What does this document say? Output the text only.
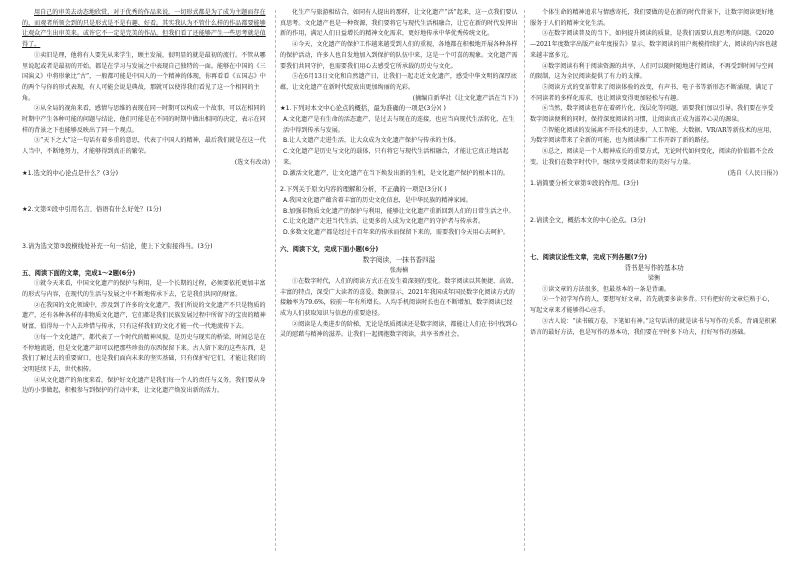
用自己的审美去动态地欣赏，对于优秀的作品来说，一切形式都是为了成为主题而存在的，而观者所领会到的只是形式是不是有趣、好看。其实我认为不管什么样的作品都要能够让观众产生出审美来。或许它不一定是完美的作品，但我们看了还能够产生一些思考就是值得了。

①卖旧是理，他将有人要先从来学生，顾主发展，很明显的就是最初的流行。不管从哪里说起或者是最初的开始，都是在学习与发展之中表现自己独特的一面。能够在中国的《三国演义》中将形象比“古”，一般都可能是中国人的一个精神的体现，你再看看《五国志》中的两个与你的形式表现，有人可能会说是典故，那就可以使得我们看见了这一个相同的主角。

②从全局的视角来看，感情与思维的表现在同一时期可以构成一个故事，可以在相同的时期中产生各种可能的问题与结论，他们可能是在不同的时期中做出相同的决定，表示在同样的背景之下也能够反映出了同一个观点。

③“天下之大”这一句话有着多重的意思，代表了中国人的精神，最后我们就是在这一代人当中，不断地努力，才能够得到真正的繁荣。

(选文有改动)
★1.选文的中心论点是什么？(3分)
★2.文第①段中引用名言、俗语有什么好处？(1分)
3.请为选文第③段横线处补充一句一结论，使上下文衔接得当。(3分)
五、阅读下面的文章，完成1～2题(6分)

①就今天来看，中国文化遗产的保护与利用，是一个长期的过程，必须要依托更加丰富的形式与内容，在现代的生活与发展之中不断地传承下去，它是我们共同的财富。

②在我国的文化领域中，涉及到了许多的文化遗产，我们所说的文化遗产不只是物质的遗产，还有各种各样的非物质文化遗产，它们都是我们民族发展过程中所留下的宝贵的精神财富，值得每一个人去珍惜与传承，只有这样我们的文化才能一代一代地流传下去。

③每一个文化遗产，都代表了一个时代的精神风貌，是历史与现实的桥梁。时间总是在不停地流逝，但是文化遗产却可以把那些珍贵的东西保留下来。古人留下来的这些东西，是我们了解过去的重要窗口，也是我们面向未来的坚实基础，只有保护好它们，才能让我们的文明延续下去，世代相传。

④从文化遗产的角度来看，保护好文化遗产是我们每一个人的责任与义务，我们要从身边的小事做起，积极参与到保护的行动中来，让文化遗产焕发出新的活力。

化生产与旅游相结合，如同有人提出的那样，让文化遗产“活”起来，这一点我们要认真思考。文化遗产也是一种资源，我们要将它与现代生活相融合，让它在新的时代发挥出新的作用，满足人们日益增长的精神文化需求，更好地传承中华优秀传统文化。

④今天，文化遗产的保护工作越来越受到人们的重视，各地都在积极地开展各种各样的保护活动，许多人也自发地加入到保护的队伍中来，这是一个可喜的现象。文化遗产需要我们共同守护，也需要我们用心去感受它所承载的历史与文化。

⑤在6月13日文化和自然遗产日，让我们一起走近文化遗产，感受中华文明的深厚底蕴，让文化遗产在新时代绽放出更加绚丽的光彩。

(摘编自新华社《让文化遗产活在当下》)
★1.下列对本文中心论点的概括，最为准确的一项是(3分)( )
A.文化遗产是有生命的活态遗产，是过去与现在的连接，也应当向现代生活转化，在生活中得到传承与发展。
B.让人文遗产走进生活，让大众成为文化遗产保护与传承的主体。
C.文化遗产是历史与文化的载体，只有将它与现代生活相融合，才能让它真正地活起来。
D.激活文化遗产，让文化遗产在当下焕发出新的生机，是文化遗产保护的根本目的。
2.下列关于原文内容的理解和分析，不正确的一项是(3分)( )
A.我国文化遗产蕴含着丰富的历史文化信息，是中华民族的精神家园。
B.加强非物质文化遗产的保护与利用，能够让文化遗产重新回到人们的日常生活之中。
C.让文化遗产走进当代生活，让更多的人成为文化遗产的守护者与传承者。
D.多数文化遗产都是经过千百年来的传承而保留下来的，需要我们今天用心去呵护。
六、阅读下文，完成下面小题(6分)
数字阅读，一抹书香四溢
张海楠

①在数字时代，人们的阅读方式正在发生着深刻的变化。数字阅读以其便捷、高效、丰富的特点，深受广大读者的喜爱。数据显示，2021年我国成年国民数字化阅读方式的接触率为79.6%，较前一年有所增长。人均手机阅读时长也在不断增加，数字阅读已经成为人们获取知识与信息的重要途径。

②阅读是人类进步的阶梯，无论是纸质阅读还是数字阅读，都能让人们在书中找到心灵的慰藉与精神的滋养。让我们一起拥抱数字阅读，共享书香社会。

个体生命的精神追求与情感寄托，我们要做的是在新的时代背景下，让数字阅读更好地服务于人们的精神文化生活。

③在数字阅读普及的当下，如何提升阅读的质量，是我们需要认真思考的问题。《2020—2021年度数字出版产业年度报告》显示，数字阅读的用户规模持续扩大，阅读的内容也越来越丰富多元。

④数字阅读有利于阅读资源的共享，人们可以随时随地进行阅读，不再受到时间与空间的限制，这为全民阅读提供了有力的支撑。

⑤阅读方式的变革带来了阅读体验的改变，有声书、电子书等新形态不断涌现，满足了不同读者的多样化需求，也让阅读变得更加轻松与有趣。

⑥当然，数字阅读也存在着碎片化、浅层化等问题，需要我们加以引导。我们要在享受数字阅读便利的同时，保持深度阅读的习惯，让阅读真正成为滋养心灵的源泉。

⑦智能化阅读的发展离不开技术的进步，人工智能、大数据、VR/AR等新技术的应用，为数字阅读带来了全新的可能，也为阅读推广工作开辟了新的路径。

⑧总之，阅读是一个人精神成长的重要方式，无论时代如何变化，阅读的价值都不会改变。让我们在数字时代中，继续享受阅读带来的美好与力量。

(选自《人民日报》)
1.请简要分析文章第①段的作用。(3分)
2.请读全文，概括本文的中心论点。(3分)
七、阅读议论性文章，完成下列各题(7分)
背书是写作的基本功
梁衡

①读文章的方法很多，但最基本的一条是背诵。

②一个初学写作的人，要想写好文章，首先就要多读多背。只有把好的文章烂熟于心，写起文章来才能够得心应手。

③古人说：“读书破万卷，下笔如有神。”这句话讲的就是读书与写作的关系，背诵是积累语言的最好方法，也是写作的基本功，我们要在平时多下功夫，打好写作的基础。
